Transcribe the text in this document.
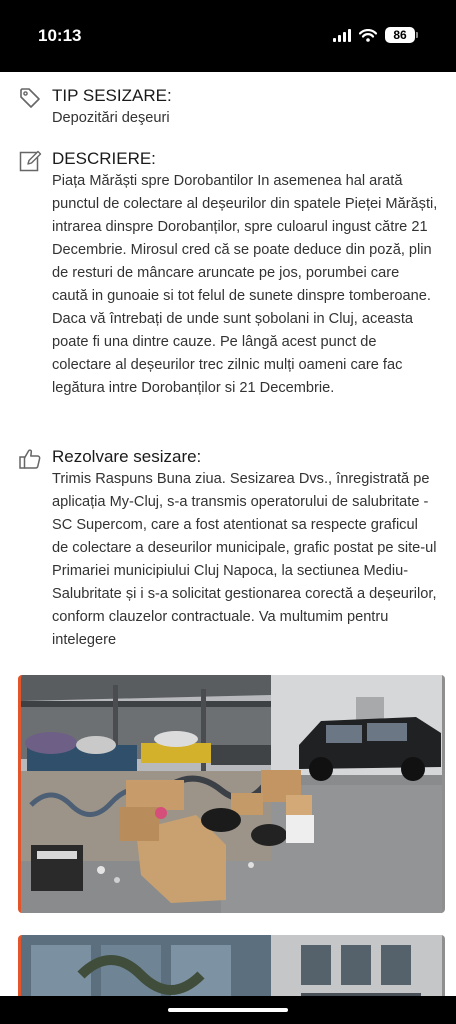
10:13	86
TIP SESIZARE:

Depozitări deşeuri

DESCRIERE:

Piața Mărăști spre Dorobantilor In asemenea hal arată punctul de colectare al deșeurilor din spatele Pieței Mărăști, intrarea dinspre Dorobanților, spre culoarul ingust către 21 Decembrie. Mirosul cred că se poate deduce din poză, plin de resturi de mâncare aruncate pe jos, porumbei care caută in gunoaie si tot felul de sunete dinspre tomberoane. Daca vă întrebați de unde sunt șobolani in Cluj, aceasta poate fi una dintre cauze. Pe lângă acest punct de colectare al deșeurilor trec zilnic mulți oameni care fac legătura intre Dorobanților si 21 Decembrie.

Rezolvare sesizare:

Trimis Raspuns Buna ziua. Sesizarea Dvs., înregistrată pe aplicația My-Cluj, s-a transmis operatorului de salubritate - SC Supercom, care a fost atentionat sa respecte graficul de colectare a deseurilor municipale, grafic postat pe site-ul Primariei municipiului Cluj Napoca, la sectiunea Mediu-Salubritate și i s-a solicitat gestionarea corectă a deșeurilor, conform clauzelor contractuale. Va multumim pentru intelegere
